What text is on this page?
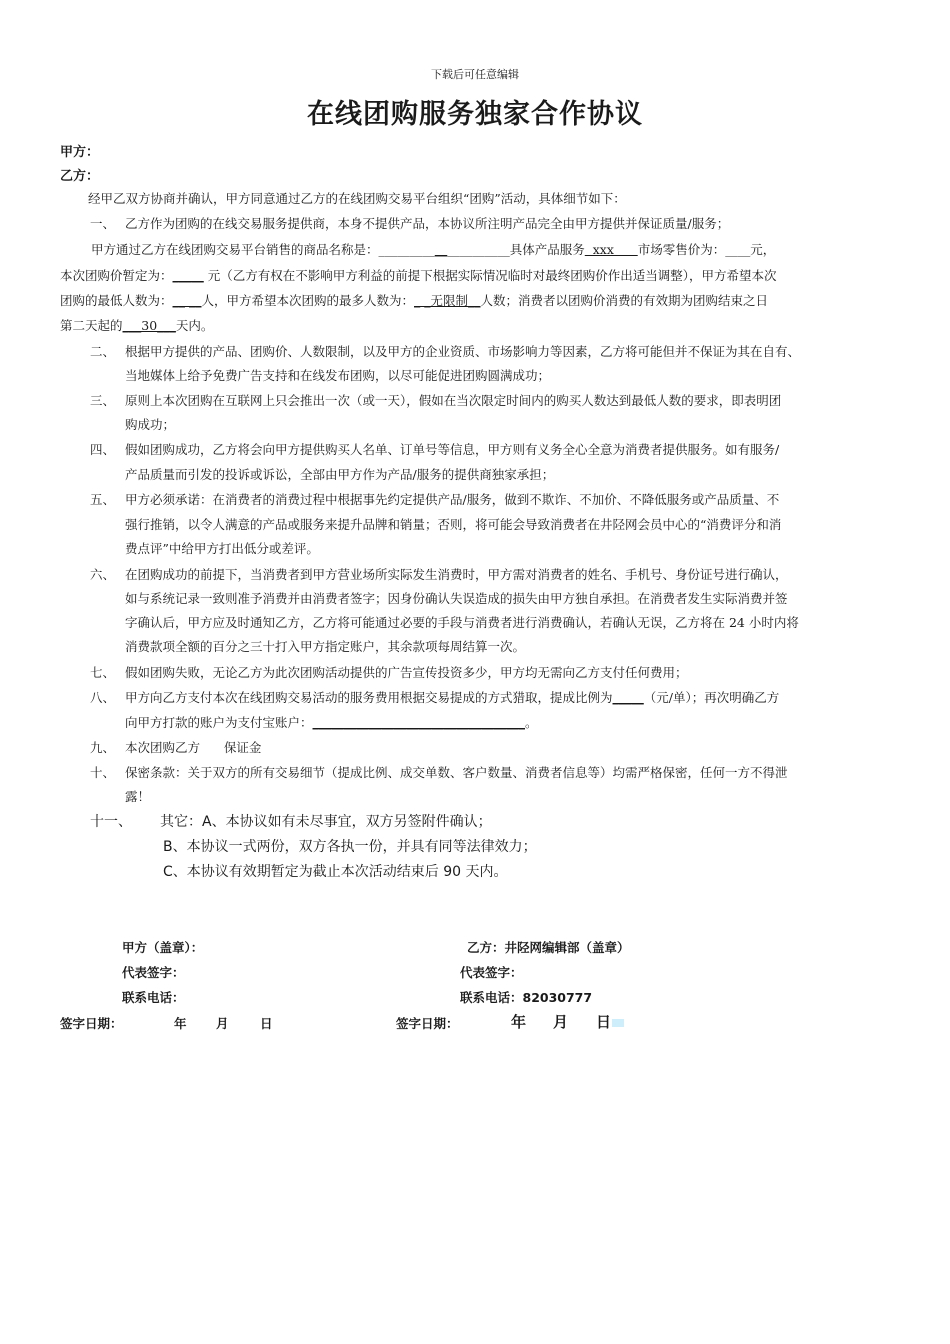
下载后可任意编辑
在线团购服务独家合作协议
甲方：
乙方：
经甲乙双方协商并确认，甲方同意通过乙方的在线团购交易平台组织“团购”活动，具体细节如下：
一、 乙方作为团购的在线交易服务提供商，本身不提供产品，本协议所注明产品完全由甲方提供并保证质量/服务；
甲方通过乙方在线团购交易平台销售的商品名称是：_____________________具体产品服务  xxx      市场零售价为：____元，
本次团购价暂定为：_____ 元（乙方有权在不影响甲方利益的前提下根据实际情况临时对最终团购价作出适当调整），甲方希望本次
团购的最低人数为：__ __人，甲方希望本次团购的最多人数为：_ _无限制__人数；消费者以团购价消费的有效期为团购结束之日
第二天起的___30___天内。
二、 根据甲方提供的产品、团购价、人数限制，以及甲方的企业资质、市场影响力等因素，乙方将可能但并不保证为其在自有、
当地媒体上给予免费广告支持和在线发布团购，以尽可能促进团购圆满成功；
三、 原则上本次团购在互联网上只会推出一次（或一天），假如在当次限定时间内的购买人数达到最低人数的要求，即表明团
购成功；
四、 假如团购成功，乙方将会向甲方提供购买人名单、订单号等信息，甲方则有义务全心全意为消费者提供服务。如有服务/
产品质量而引发的投诉或诉讼，全部由甲方作为产品/服务的提供商独家承担；
五、 甲方必须承诺：在消费者的消费过程中根据事先约定提供产品/服务，做到不欺诈、不加价、不降低服务或产品质量、不
强行推销，以令人满意的产品或服务来提升品牌和销量；否则，将可能会导致消费者在井陉网会员中心的“消费评分和消
费点评”中给甲方打出低分或差评。
六、 在团购成功的前提下，当消费者到甲方营业场所实际发生消费时，甲方需对消费者的姓名、手机号、身份证号进行确认，
如与系统记录一致则准予消费并由消费者签字；因身份确认失误造成的损失由甲方独自承担。在消费者发生实际消费并签
字确认后，甲方应及时通知乙方，乙方将可能通过必要的手段与消费者进行消费确认，若确认无误，乙方将在 24 小时内将
消费款项全额的百分之三十打入甲方指定账户，其余款项每周结算一次。
七、 假如团购失败，无论乙方为此次团购活动提供的广告宣传投资多少，甲方均无需向乙方支付任何费用；
八、 甲方向乙方支付本次在线团购交易活动的服务费用根据交易提成的方式猎取，提成比例为_____（元/单）；再次明确乙方
向甲方打款的账户为支付宝账户：__________________________________。
九、 本次团购乙方      保证金
十、 保密条款：关于双方的所有交易细节（提成比例、成交单数、客户数量、消费者信息等）均需严格保密，任何一方不得泄
露！
十一、 其它：A、本协议如有未尽事宜，双方另签附件确认；
B、本协议一式两份，双方各执一份，并具有同等法律效力；
C、本协议有效期暂定为截止本次活动结束后 90 天内。
甲方（盖章）：	乙方：井陉网编辑部（盖章）
代表签字：	代表签字：
联系电话：	联系电话：82030777
签字日期：	年 月	日	签字日期：	年 月 日
